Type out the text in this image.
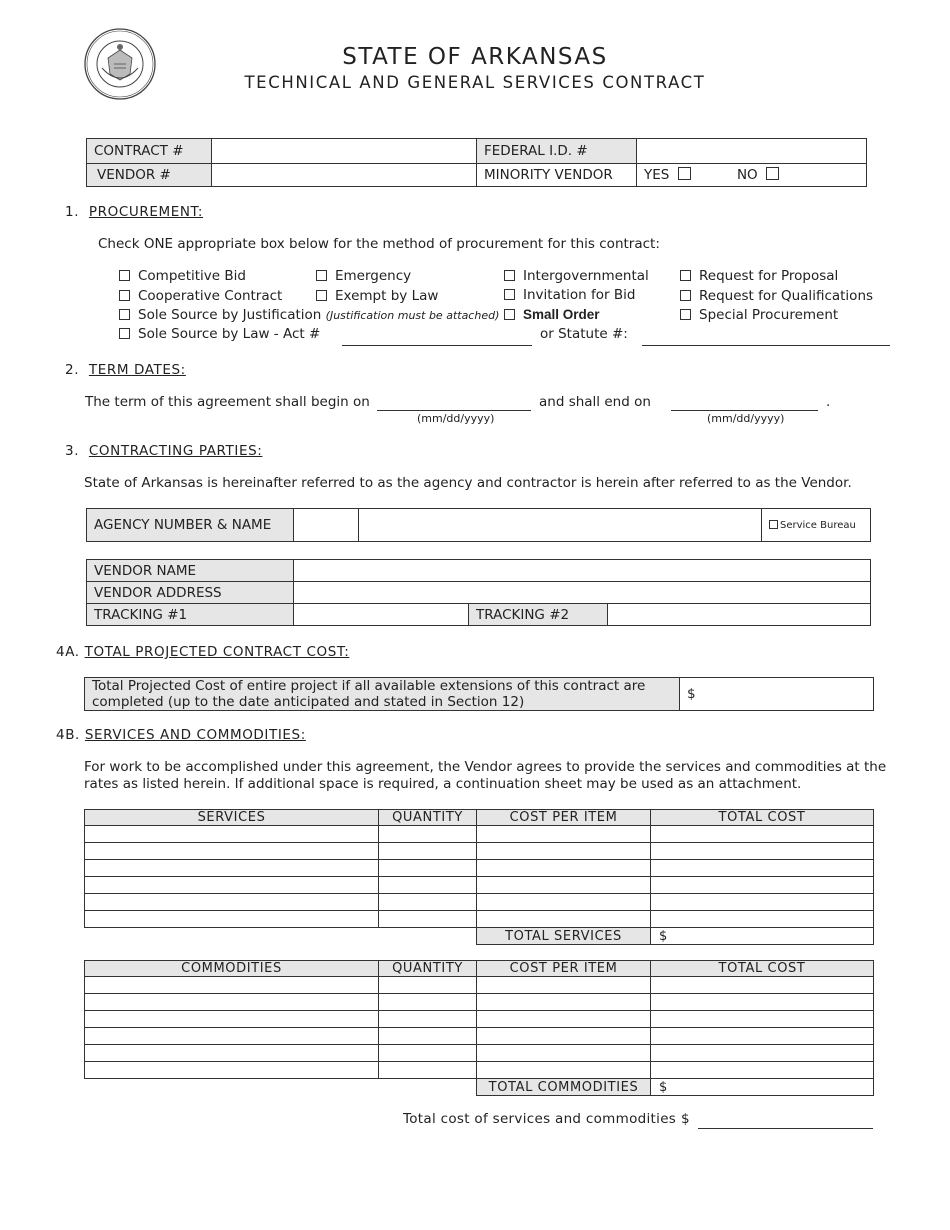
STATE OF ARKANSAS
TECHNICAL AND GENERAL SERVICES CONTRACT
CONTRACT #		FEDERAL I.D. #	
VENDOR #		MINORITY VENDOR	YES NO
1. PROCUREMENT:
Check ONE appropriate box below for the method of procurement for this contract:
Competitive Bid
Cooperative Contract
Sole Source by Justification (Justification must be attached)
Sole Source by Law - Act #
Emergency
Exempt by Law
Intergovernmental
Invitation for Bid
Small Order
or Statute #:
Request for Proposal
Request for Qualifications
Special Procurement
2. TERM DATES:
The term of this agreement shall begin on
(mm/dd/yyyy)
and shall end on
(mm/dd/yyyy)
.
3. CONTRACTING PARTIES:
State of Arkansas is hereinafter referred to as the agency and contractor is herein after referred to as the Vendor.
AGENCY NUMBER & NAME			Service Bureau
VENDOR NAME			
VENDOR ADDRESS			
TRACKING #1		TRACKING #2	
4A. TOTAL PROJECTED CONTRACT COST:
Total Projected Cost of entire project if all available extensions of this contract are
completed (up to the date anticipated and stated in Section 12)	$
4B. SERVICES AND COMMODITIES:
For work to be accomplished under this agreement, the Vendor agrees to provide the services and commodities at the
rates as listed herein. If additional space is required, a continuation sheet may be used as an attachment.
SERVICES	QUANTITY	COST PER ITEM	TOTAL COST

		TOTAL SERVICES	$
COMMODITIES	QUANTITY	COST PER ITEM	TOTAL COST

		TOTAL COMMODITIES	$
Total cost of services and commodities $
